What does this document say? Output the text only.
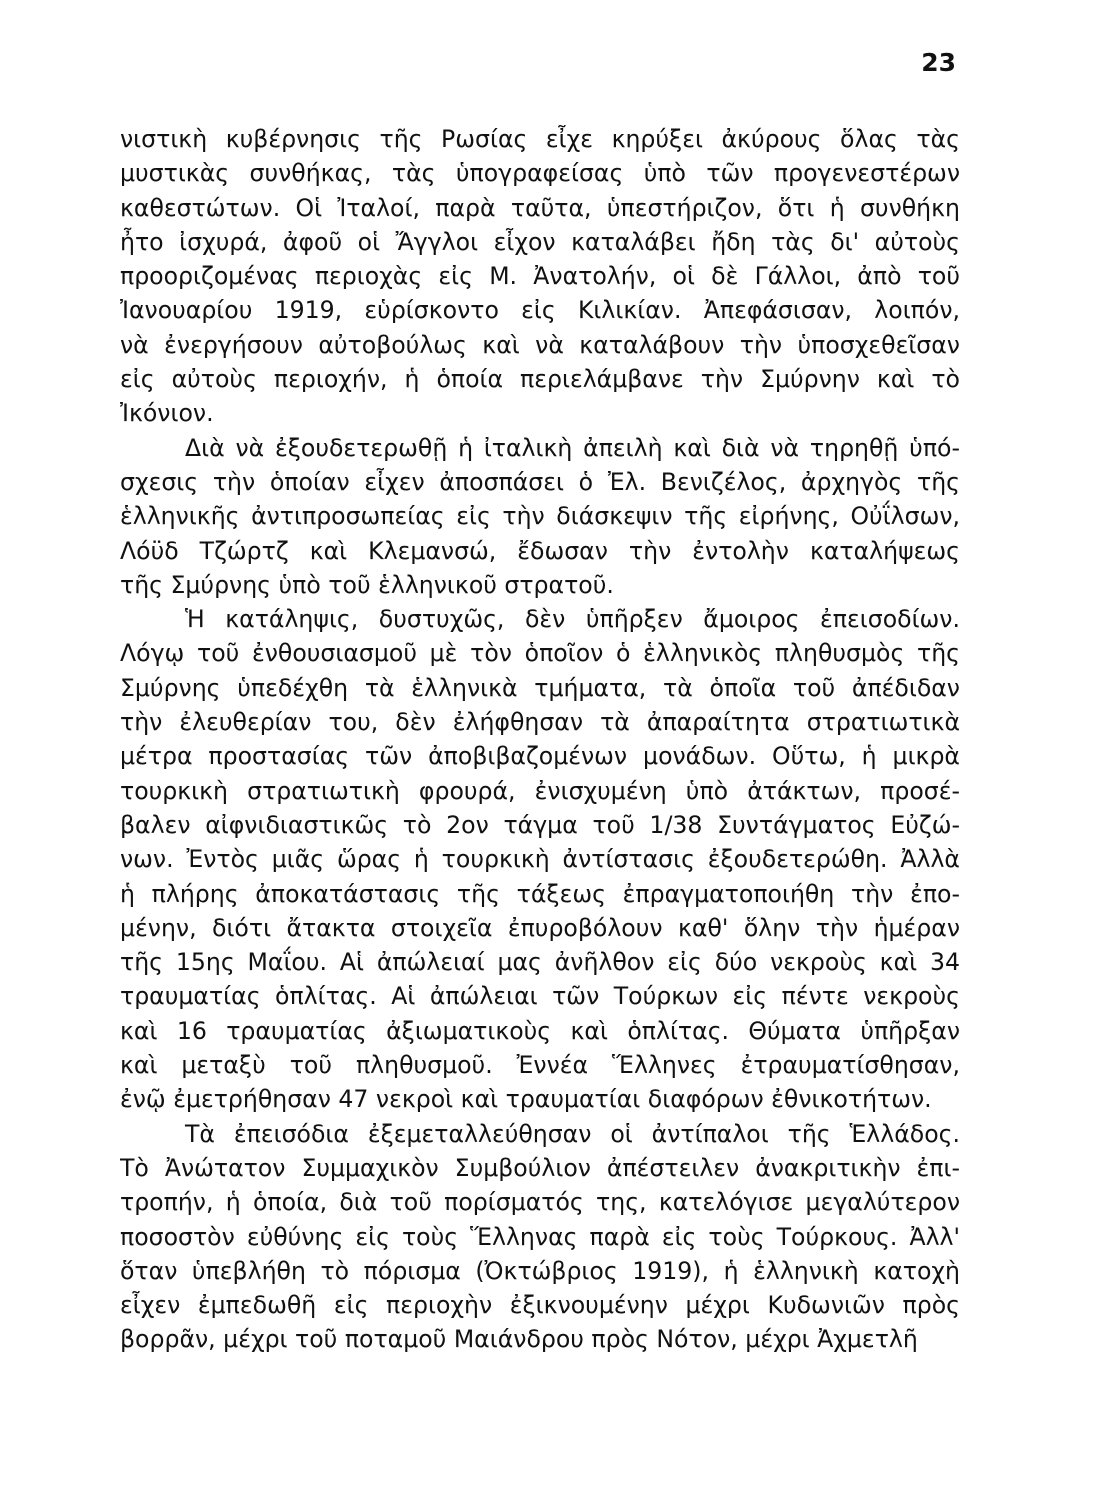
23
νιστικὴ κυβέρνησις τῆς Ρωσίας εἶχε κηρύξει ἀκύρους ὅλας τὰς
μυστικὰς συνθήκας, τὰς ὑπογραφείσας ὑπὸ τῶν προγενεστέρων
καθεστώτων. Οἱ Ἰταλοί, παρὰ ταῦτα, ὑπεστήριζον, ὅτι ἡ συνθήκη
ἦτο ἰσχυρά, ἀφοῦ οἱ Ἄγγλοι εἶχον καταλάβει ἤδη τὰς δι' αὐτοὺς
προοριζομένας περιοχὰς εἰς Μ. Ἀνατολήν, οἱ δὲ Γάλλοι, ἀπὸ τοῦ
Ἰανουαρίου 1919, εὑρίσκοντο εἰς Κιλικίαν. Ἀπεφάσισαν, λοιπόν,
νὰ ἐνεργήσουν αὐτοβούλως καὶ νὰ καταλάβουν τὴν ὑποσχεθεῖσαν
εἰς αὐτοὺς περιοχήν, ἡ ὁποία περιελάμβανε τὴν Σμύρνην καὶ τὸ
Ἰκόνιον.
Διὰ νὰ ἐξουδετερωθῇ ἡ ἰταλικὴ ἀπειλὴ καὶ διὰ νὰ τηρηθῇ ὑπό-
σχεσις τὴν ὁποίαν εἶχεν ἀποσπάσει ὁ Ἐλ. Βενιζέλος, ἀρχηγὸς τῆς
ἑλληνικῆς ἀντιπροσωπείας εἰς τὴν διάσκεψιν τῆς εἰρήνης, Οὐΐλσων,
Λόϋδ Τζώρτζ καὶ Κλεμανσώ, ἔδωσαν τὴν ἐντολὴν καταλήψεως
τῆς Σμύρνης ὑπὸ τοῦ ἑλληνικοῦ στρατοῦ.
Ἡ κατάληψις, δυστυχῶς, δὲν ὑπῆρξεν ἄμοιρος ἐπεισοδίων.
Λόγῳ τοῦ ἐνθουσιασμοῦ μὲ τὸν ὁποῖον ὁ ἑλληνικὸς πληθυσμὸς τῆς
Σμύρνης ὑπεδέχθη τὰ ἑλληνικὰ τμήματα, τὰ ὁποῖα τοῦ ἀπέδιδαν
τὴν ἐλευθερίαν του, δὲν ἐλήφθησαν τὰ ἀπαραίτητα στρατιωτικὰ
μέτρα προστασίας τῶν ἀποβιβαζομένων μονάδων. Οὕτω, ἡ μικρὰ
τουρκικὴ στρατιωτικὴ φρουρά, ἐνισχυμένη ὑπὸ ἀτάκτων, προσέ-
βαλεν αἰφνιδιαστικῶς τὸ 2ον τάγμα τοῦ 1/38 Συντάγματος Εὐζώ-
νων. Ἐντὸς μιᾶς ὥρας ἡ τουρκικὴ ἀντίστασις ἐξουδετερώθη. Ἀλλὰ
ἡ πλήρης ἀποκατάστασις τῆς τάξεως ἐπραγματοποιήθη τὴν ἐπο-
μένην, διότι ἄτακτα στοιχεῖα ἐπυροβόλουν καθ' ὅλην τὴν ἡμέραν
τῆς 15ης Μαΐου. Αἱ ἀπώλειαί μας ἀνῆλθον εἰς δύο νεκροὺς καὶ 34
τραυματίας ὁπλίτας. Αἱ ἀπώλειαι τῶν Τούρκων εἰς πέντε νεκροὺς
καὶ 16 τραυματίας ἀξιωματικοὺς καὶ ὁπλίτας. Θύματα ὑπῆρξαν
καὶ μεταξὺ τοῦ πληθυσμοῦ. Ἐννέα Ἕλληνες ἐτραυματίσθησαν,
ἐνῷ ἐμετρήθησαν 47 νεκροὶ καὶ τραυματίαι διαφόρων ἐθνικοτήτων.
Τὰ ἐπεισόδια ἐξεμεταλλεύθησαν οἱ ἀντίπαλοι τῆς Ἑλλάδος.
Τὸ Ἀνώτατον Συμμαχικὸν Συμβούλιον ἀπέστειλεν ἀνακριτικὴν ἐπι-
τροπήν, ἡ ὁποία, διὰ τοῦ πορίσματός της, κατελόγισε μεγαλύτερον
ποσοστὸν εὐθύνης εἰς τοὺς Ἕλληνας παρὰ εἰς τοὺς Τούρκους. Ἀλλ'
ὅταν ὑπεβλήθη τὸ πόρισμα (Ὀκτώβριος 1919), ἡ ἑλληνικὴ κατοχὴ
εἶχεν ἐμπεδωθῆ εἰς περιοχὴν ἐξικνουμένην μέχρι Κυδωνιῶν πρὸς
βορρᾶν, μέχρι τοῦ ποταμοῦ Μαιάνδρου πρὸς Νότον, μέχρι Ἀχμετλῆ
